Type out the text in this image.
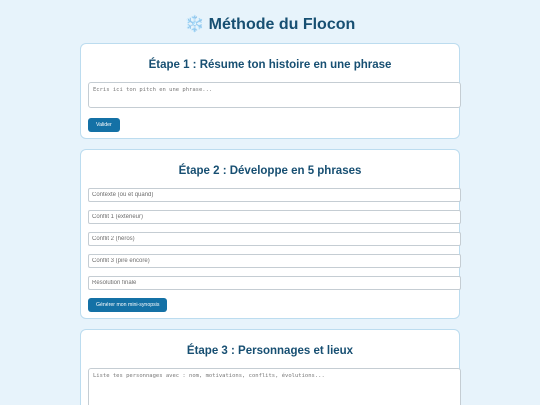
❄️ Méthode du Flocon
Étape 1 : Résume ton histoire en une phrase
Ecris ici ton pitch en une phrase...
Valider
Étape 2 : Développe en 5 phrases
Contexte (où et quand)
Conflit 1 (extérieur)
Conflit 2 (héros)
Conflit 3 (pire encore)
Résolution finale
Générer mon mini-synopsis
Étape 3 : Personnages et lieux
Liste tes personnages avec : nom, motivations, conflits, évolutions...
